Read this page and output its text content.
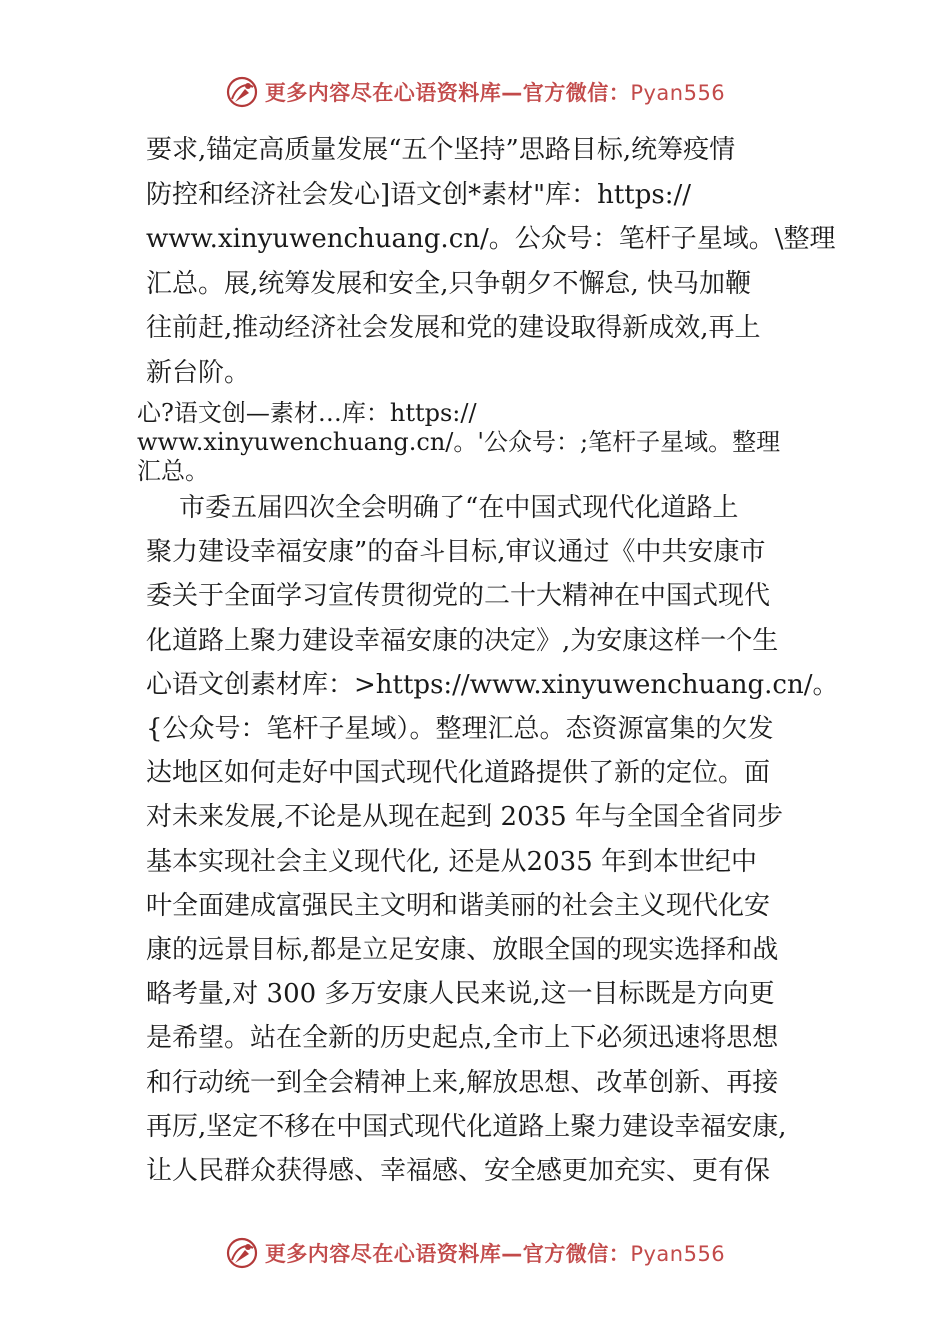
更多内容尽在心语资料库—官方微信：Pyan556
要求,锚定高质量发展“五个坚持”思路目标,统筹疫情
防控和经济社会发心]语文创*素材"库：https://
www.xinyuwenchuang.cn/。公众号：笔杆子星域。\整理
汇总。展,统筹发展和安全,只争朝夕不懈怠, 快马加鞭
往前赶,推动经济社会发展和党的建设取得新成效,再上
新台阶。
心?语文创—素材…库：https://
www.xinyuwenchuang.cn/。'公众号：;笔杆子星域。整理
汇总。
市委五届四次全会明确了“在中国式现代化道路上
聚力建设幸福安康”的奋斗目标,审议通过《中共安康市
委关于全面学习宣传贯彻党的二十大精神在中国式现代
化道路上聚力建设幸福安康的决定》,为安康这样一个生
心语文创素材库：>https://www.xinyuwenchuang.cn/。
{公众号：笔杆子星域）。整理汇总。态资源富集的欠发
达地区如何走好中国式现代化道路提供了新的定位。面
对未来发展,不论是从现在起到 2035 年与全国全省同步
基本实现社会主义现代化, 还是从2035 年到本世纪中
叶全面建成富强民主文明和谐美丽的社会主义现代化安
康的远景目标,都是立足安康、放眼全国的现实选择和战
略考量,对 300 多万安康人民来说,这一目标既是方向更
是希望。站在全新的历史起点,全市上下必须迅速将思想
和行动统一到全会精神上来,解放思想、改革创新、再接
再厉,坚定不移在中国式现代化道路上聚力建设幸福安康,
让人民群众获得感、幸福感、安全感更加充实、更有保
更多内容尽在心语资料库—官方微信：Pyan556
